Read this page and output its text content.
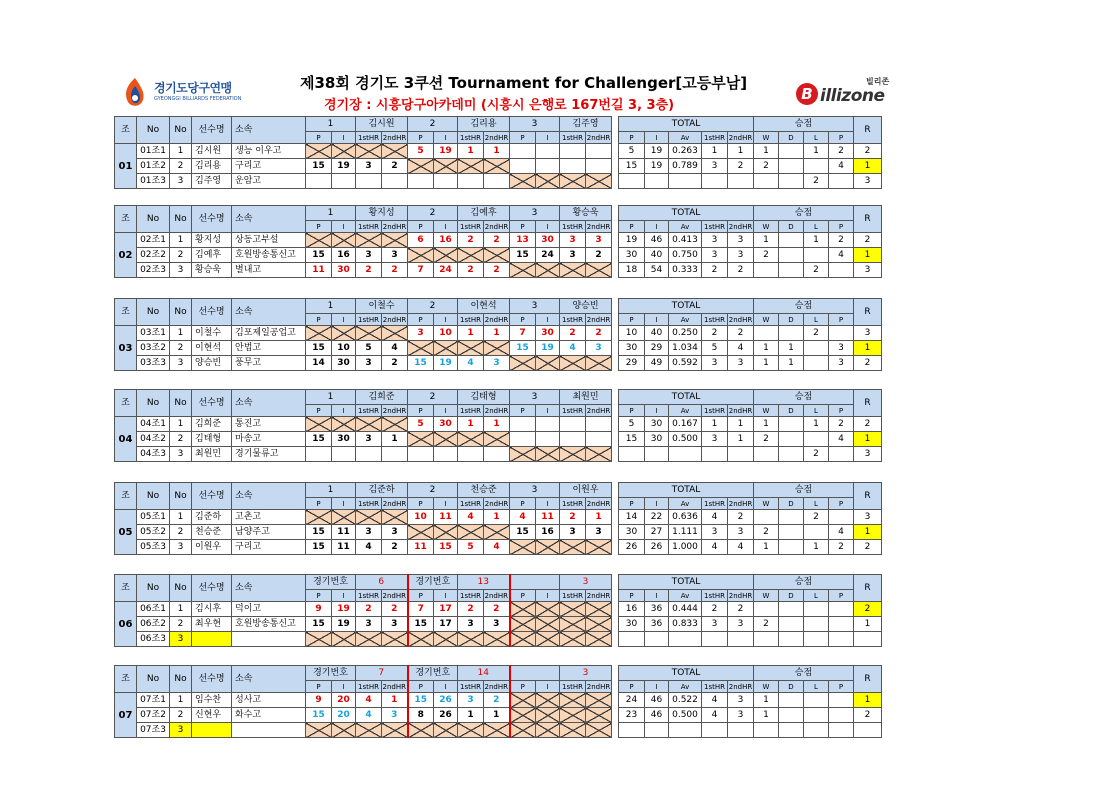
경기도당구연맹
GYEONGGI BILLIARDS FEDERATION
제38회 경기도 3쿠션 Tournament for Challenger[고등부남]
경기장 : 시흥당구아카데미 (시흥시 은행로 167번길 3, 3층)
빌리존
B illizone
조	No	No	선수명	소속	1		김시원		2		김리용		3		김주영			TOTAL					승점				R
					P	I	1stHR	2ndHR	P	I	1stHR	2ndHR	P	I	1stHR	2ndHR		P	I	Av	1stHR	2ndHR	W	D	L	P	
01	01조1	1	김시원	생능 이우고					5	19	1	1						5	19	0.263	1	1	1		1	2	2
	01조2	2	김리용	구리고	15	19	3	2										15	19	0.789	3	2	2			4	1
	01조3	3	김주영	운암고																					2		3
조	No	No	선수명	소속	1		황지성		2		김예후		3		황승욱			TOTAL					승점				R
					P	I	1stHR	2ndHR	P	I	1stHR	2ndHR	P	I	1stHR	2ndHR		P	I	Av	1stHR	2ndHR	W	D	L	P	
02	02조1	1	황지성	상동고부설					6	16	2	2	13	30	3	3		19	46	0.413	3	3	1		1	2	2
	02조2	2	김예후	호원방송통신고	15	16	3	3					15	24	3	2		30	40	0.750	3	3	2			4	1
	02조3	3	황승욱	별내고	11	30	2	2	7	24	2	2						18	54	0.333	2	2			2		3
조	No	No	선수명	소속	1		이철수		2		이현석		3		양승빈			TOTAL					승점				R
					P	I	1stHR	2ndHR	P	I	1stHR	2ndHR	P	I	1stHR	2ndHR		P	I	Av	1stHR	2ndHR	W	D	L	P	
03	03조1	1	이철수	김포제일공업고					3	10	1	1	7	30	2	2		10	40	0.250	2	2			2		3
	03조2	2	이현석	안법고	15	10	5	4					15	19	4	3		30	29	1.034	5	4	1	1		3	1
	03조3	3	양승빈	풍무고	14	30	3	2	15	19	4	3						29	49	0.592	3	3	1	1		3	2
조	No	No	선수명	소속	1		김희준		2		김태형		3		최원민			TOTAL					승점				R
					P	I	1stHR	2ndHR	P	I	1stHR	2ndHR	P	I	1stHR	2ndHR		P	I	Av	1stHR	2ndHR	W	D	L	P	
04	04조1	1	김희준	통진고					5	30	1	1						5	30	0.167	1	1	1		1	2	2
	04조2	2	김태형	마송고	15	30	3	1										15	30	0.500	3	1	2			4	1
	04조3	3	최원민	경기물류고																					2		3
조	No	No	선수명	소속	1		김준하		2		천승준		3		이원우			TOTAL					승점				R
					P	I	1stHR	2ndHR	P	I	1stHR	2ndHR	P	I	1stHR	2ndHR		P	I	Av	1stHR	2ndHR	W	D	L	P	
05	05조1	1	김준하	고촌고					10	11	4	1	4	11	2	1		14	22	0.636	4	2			2		3
	05조2	2	천승준	남양주고	15	11	3	3					15	16	3	3		30	27	1.111	3	3	2			4	1
	05조3	3	이원우	구리고	15	11	4	2	11	15	5	4						26	26	1.000	4	4	1		1	2	2
조	No	No	선수명	소속	경기번호		6		경기번호		13				3			TOTAL					승점				R
					P	I	1stHR	2ndHR	P	I	1stHR	2ndHR	P	I	1stHR	2ndHR		P	I	Av	1stHR	2ndHR	W	D	L	P	
06	06조1	1	김시후	덕이고	9	19	2	2	7	17	2	2						16	36	0.444	2	2					2
	06조2	2	최우현	호원방송통신고	15	19	3	3	15	17	3	3						30	36	0.833	3	3	2				1
	06조3	3																									
조	No	No	선수명	소속	경기번호		7		경기번호		14				3			TOTAL					승점				R
					P	I	1stHR	2ndHR	P	I	1stHR	2ndHR	P	I	1stHR	2ndHR		P	I	Av	1stHR	2ndHR	W	D	L	P	
07	07조1	1	임수찬	성사고	9	20	4	1	15	26	3	2						24	46	0.522	4	3	1				1
	07조2	2	신현우	화수고	15	20	4	3	8	26	1	1						23	46	0.500	4	3	1				2
	07조3	3																									
